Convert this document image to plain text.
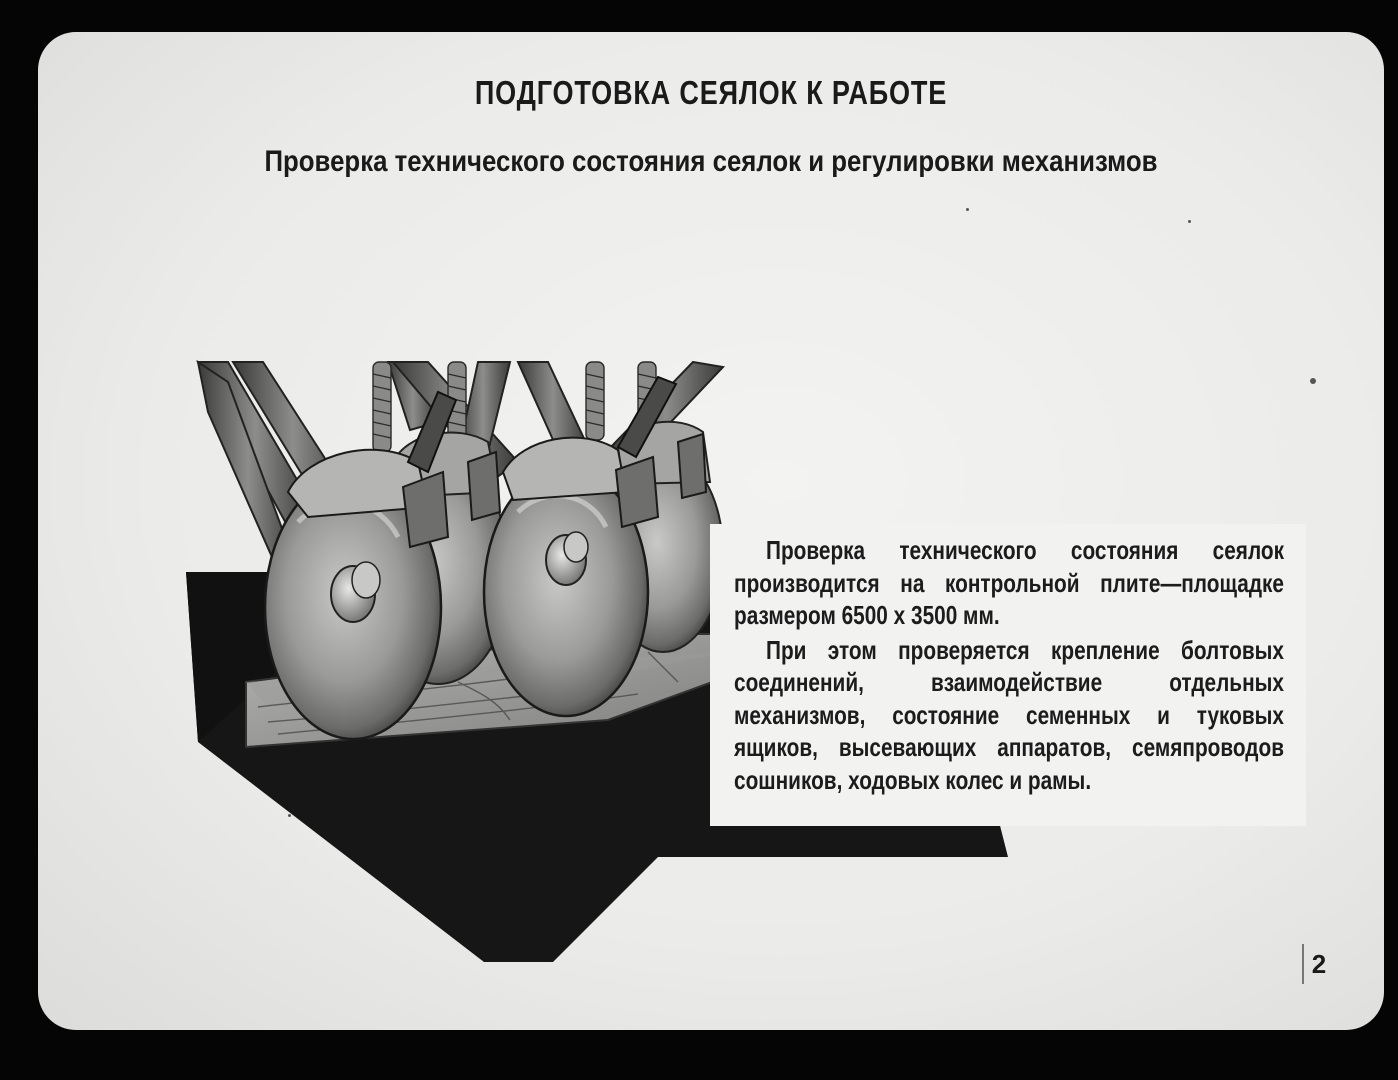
ПОДГОТОВКА СЕЯЛОК К РАБОТЕ
Проверка технического состояния сеялок и регулировки механизмов

Проверка технического состояния сеялок производится на контрольной плите—площадке размером 6500 x 3500 мм.

При этом проверяется крепление болтовых соединений, взаимодействие отдельных механизмов, состояние семенных и туковых ящиков, высевающих аппаратов, семяпроводов сошников, ходовых колес и рамы.

2
